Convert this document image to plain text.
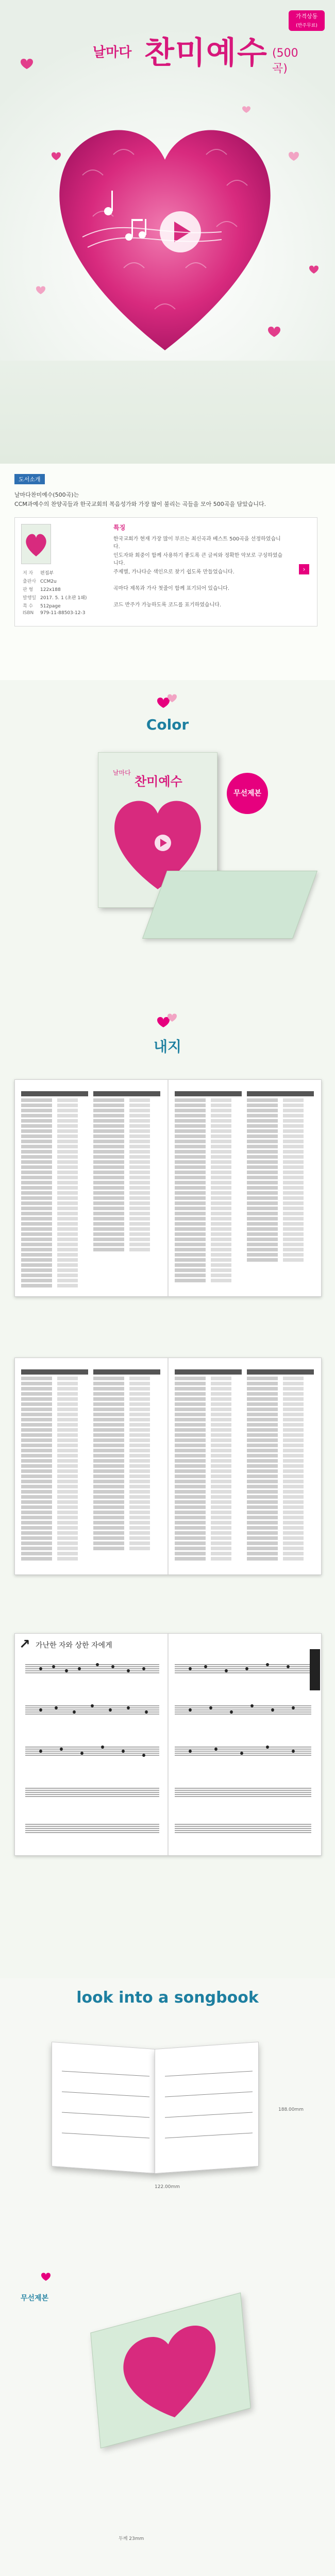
가격상동
(반주무료)
날마다 찬미예수 (500곡)
도서소개
날마다찬미예수(500곡)는
CCM과예수의 찬양곡들과 한국교회의 복음성가와 가장 많이 불리는 곡들을 모아 500곡을 담았습니다.
저 자 편집부
출판사 CCM2u
판 형 122x188
발행일 2017. 5. 1 (초판 1쇄)
쪽 수 512page
ISBN 979-11-88503-12-3
특징
한국교회가 현재 가장 많이 부르는 최신곡과 베스트 500곡을 선정하였습니다.
인도자와 회중이 함께 사용하기 좋도록 큰 글씨와 정확한 악보로 구성하였습니다.
주제별, 가나다순 색인으로 찾기 쉽도록 만들었습니다.
곡마다 제목과 가사 첫줄이 함께 표기되어 있습니다.
코드 반주가 가능하도록 코드를 표기하였습니다.
›
Color
날마다
찬미예수
무선제본
내지
가난한 자와 상한 자에게
↗
look into a songbook
188.00mm
122.00mm
무선제본
두께 23mm
